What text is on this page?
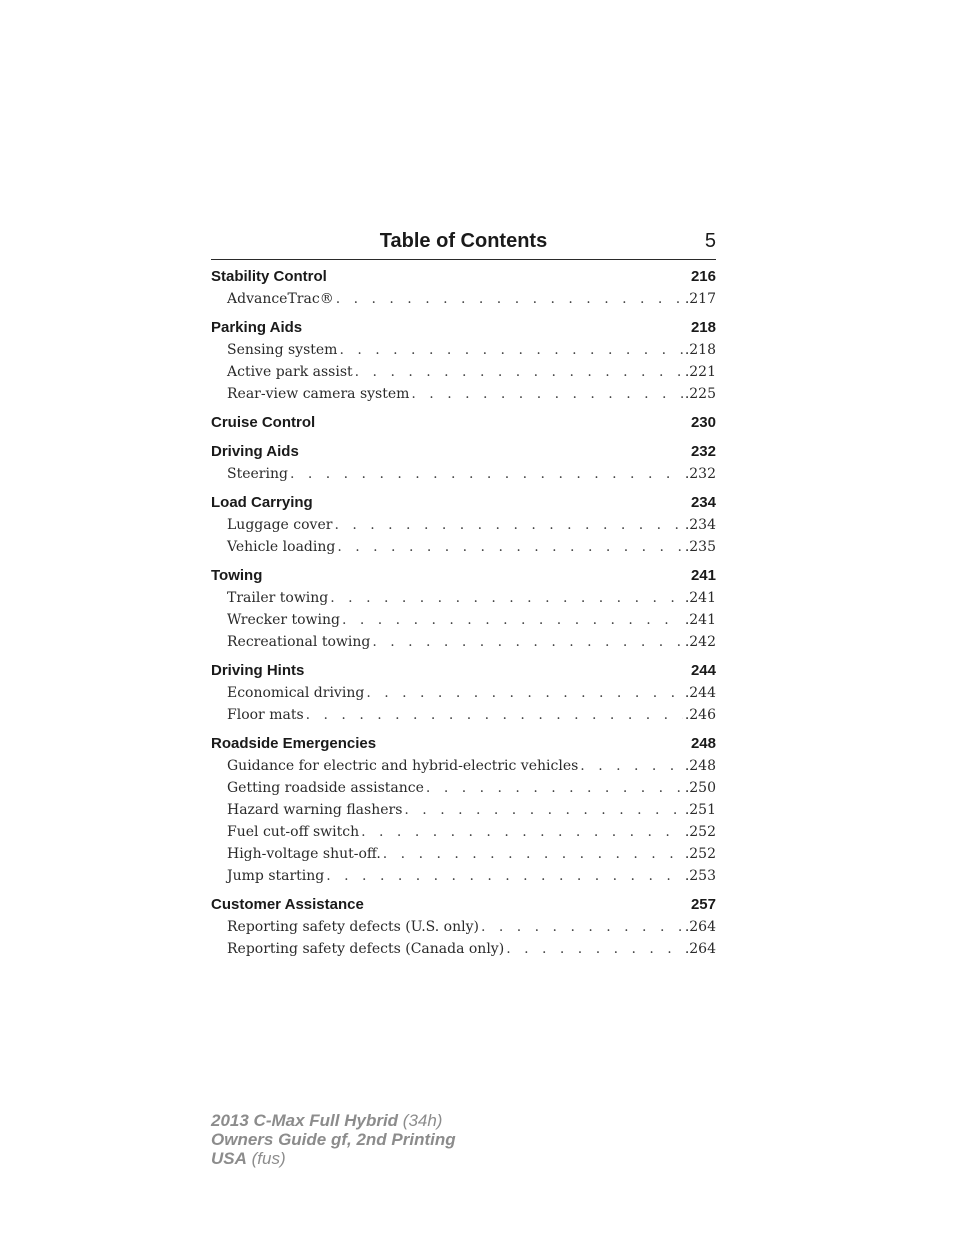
Table of Contents	5
Stability Control	216
AdvanceTrac® . . .	.217
Parking Aids	218
Sensing system . . .	.218
Active park assist . . .	.221
Rear-view camera system . . .	.225
Cruise Control	230
Driving Aids	232
Steering . . .	.232
Load Carrying	234
Luggage cover . . .	.234
Vehicle loading . . .	.235
Towing	241
Trailer towing . . .	.241
Wrecker towing . . .	.241
Recreational towing . . .	.242
Driving Hints	244
Economical driving . . .	.244
Floor mats . . .	.246
Roadside Emergencies	248
Guidance for electric and hybrid-electric vehicles . . .	.248
Getting roadside assistance . . .	.250
Hazard warning flashers . . .	.251
Fuel cut-off switch . . .	.252
High-voltage shut-off. . . .	.252
Jump starting . . .	.253
Customer Assistance	257
Reporting safety defects (U.S. only) . . .	.264
Reporting safety defects (Canada only) . . .	.264
2013 C-Max Full Hybrid (34h)
Owners Guide gf, 2nd Printing
USA (fus)
